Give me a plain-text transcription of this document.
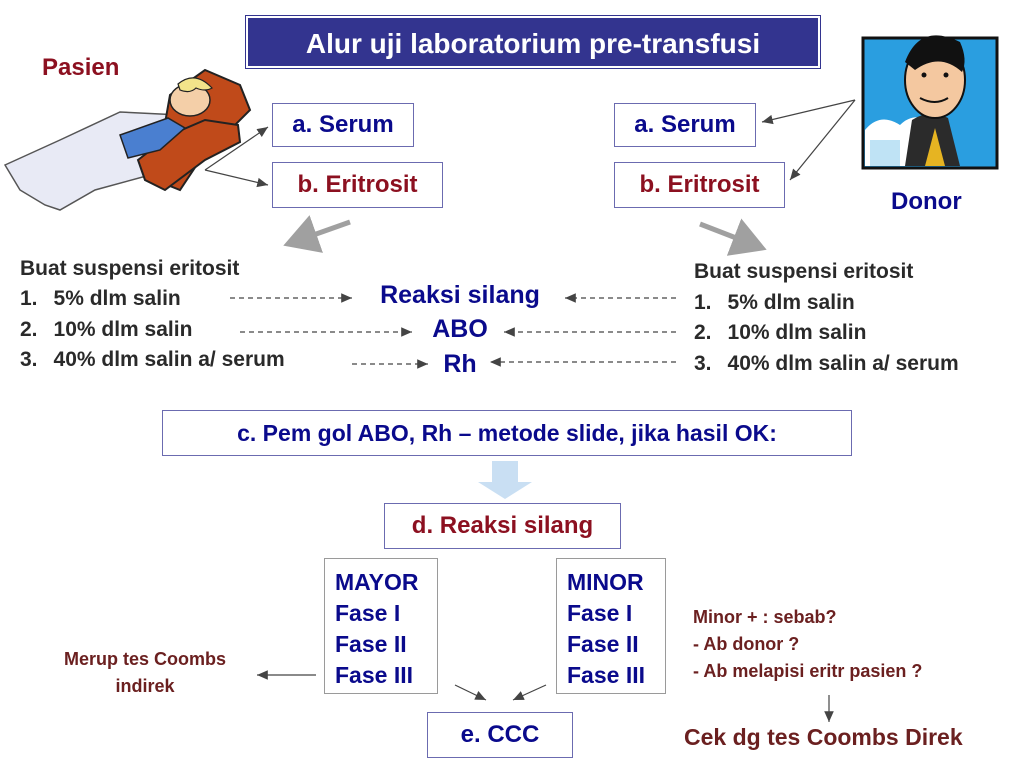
Alur uji laboratorium pre-transfusi
Pasien
Donor
a. Serum
b. Eritrosit
a. Serum
b. Eritrosit
Buat suspensi eritosit
1. 5% dlm salin
2. 10% dlm salin
3. 40% dlm salin a/ serum
Buat suspensi eritosit
1. 5% dlm salin
2. 10% dlm salin
3. 40% dlm salin a/ serum
Reaksi silang
ABO
Rh
c. Pem gol ABO, Rh – metode slide, jika hasil OK:
d. Reaksi silang
MAYOR
Fase I
Fase II
Fase III
MINOR
Fase I
Fase II
Fase III
Merup tes Coombs
indirek
Minor + : sebab?
- Ab donor ?
- Ab melapisi eritr pasien ?
e. CCC	Cek dg tes Coombs Direk
